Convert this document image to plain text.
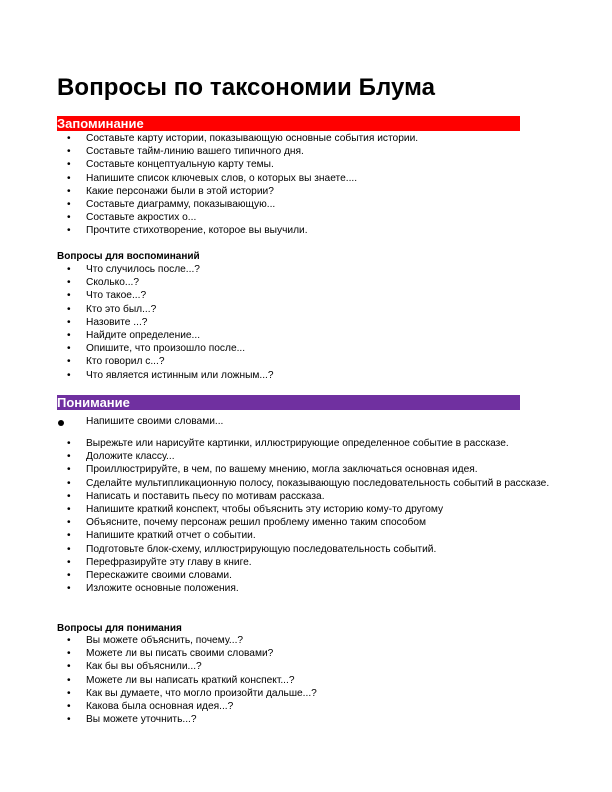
Вопросы по таксономии Блума
Запоминание
• Составьте карту истории, показывающую основные события истории.
• Составьте тайм-линию вашего типичного дня.
• Составьте концептуальную карту темы.
• Напишите список ключевых слов, о которых вы знаете....
• Какие персонажи были в этой истории?
• Составьте диаграмму, показывающую...
• Составьте акростих о...
• Прочтите стихотворение, которое вы выучили.
Вопросы для воспоминаний
• Что случилось после...?
• Сколько...?
• Что такое...?
• Кто это был...?
• Назовите ...?
• Найдите определение...
• Опишите, что произошло после...
• Кто говорил с...?
• Что является истинным или ложным...?
Понимание
Напишите своими словами...
• Вырежьте или нарисуйте картинки, иллюстрирующие определенное событие в рассказе.
• Доложите классу...
• Проиллюстрируйте, в чем, по вашему мнению, могла заключаться основная идея.
• Сделайте мультипликационную полосу, показывающую последовательность событий в рассказе.
• Написать и поставить пьесу по мотивам рассказа.
• Напишите краткий конспект, чтобы объяснить эту историю кому-то другому
• Объясните, почему персонаж решил проблему именно таким способом
• Напишите краткий отчет о событии.
• Подготовьте блок-схему, иллюстрирующую последовательность событий.
• Перефразируйте эту главу в книге.
• Перескажите своими словами.
• Изложите основные положения.
Вопросы для понимания
• Вы можете объяснить, почему...?
• Можете ли вы писать своими словами?
• Как бы вы объяснили...?
• Можете ли вы написать краткий конспект...?
• Как вы думаете, что могло произойти дальше...?
• Какова была основная идея...?
• Вы можете уточнить...?
